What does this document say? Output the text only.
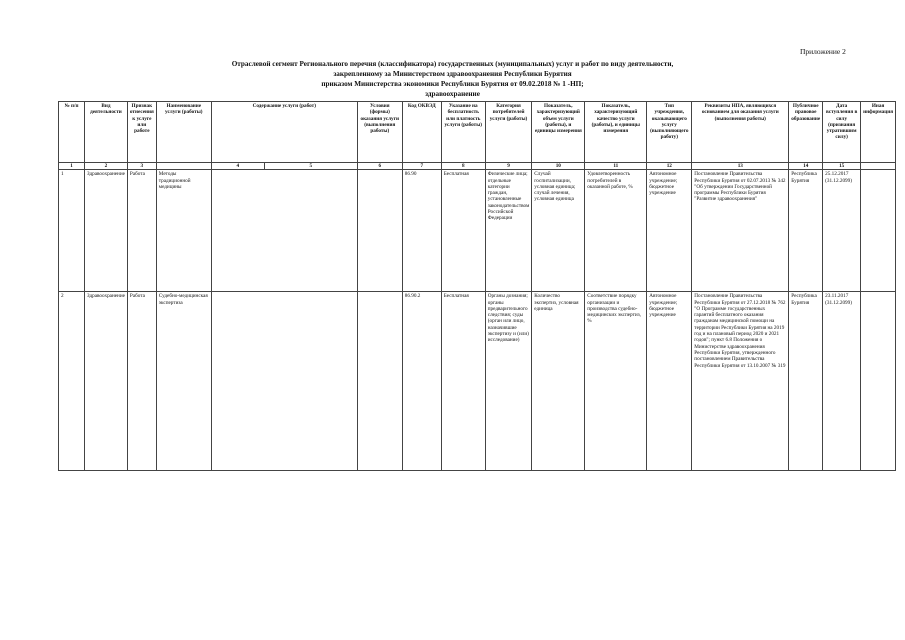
Приложение 2
Отраслевой сегмент Регионального перечня (классификатора) государственных (муниципальных) услуг и работ по виду деятельности,
закрепленному за Министерством здравоохранения Республики Бурятия
приказом Министерства экономики Республики Бурятия от 09.02.2018 № 1 -НП;
здравоохранение
№ п/п	Вид деятельности	Признак отнесения к услуге или работе	Наименование услуги (работы)	Содержание услуги (работ)		Условия (формы) оказания услуги (выполнения работы)	Код ОКВЭД	Указание на бесплатность или платность услуги (работы)	Категория потребителей услуги (работы)	Показатель, характеризующий объем услуги (работы), и единицы измерения	Показатель, характеризующий качество услуги (работы), и единицы измерения	Тип учреждения, оказывающего услугу (выполняющего работу)	Реквизиты НПА, являющихся основанием для оказания услуги (выполнения работы)	Публичное правовое образование	Дата вступления в силу (признания утратившим силу)	Иная информация
1	2	3		4	5	6	7	8	9	10	11	12	13	14	15	
1	Здравоохранение	Работа	Методы традиционной медицины				86.90	Бесплатная	Физические лица; отдельные категории граждан, установленные законодательством Российской Федерации	Случай госпитализации, условная единица; случай лечения, условная единица	Удовлетворенность потребителей в оказанной работе, %	Автономное учреждение; бюджетное учреждение	Постановление Правительства Республики Бурятия от 02.07.2013 № 342 "Об утверждении Государственной программы Республики Бурятия "Развитие здравоохранения"	Республика Бурятия	25.12.2017 (31.12.2099)	
2	Здравоохранение	Работа	Судебно-медицинская экспертиза				86.90.2	Бесплатная	Органы дознания; органы предварительного следствия; суды (орган или лицо, назначившие экспертизу и (или) исследование)	Количество экспертиз, условная единица	Соответствие порядку организации и производства судебно-медицинских экспертиз, %	Автономное учреждение; бюджетное учреждение	Постановление Правительства Республики Бурятия от 27.12.2018 № 762 "О Программе государственных гарантий бесплатного оказания гражданам медицинской помощи на территории Республики Бурятия на 2019 год и на плановый период 2020 и 2021 годов"; пункт 6.8 Положения о Министерстве здравоохранения Республики Бурятия, утвержденного постановлением Правительства Республики Бурятия от 13.10.2007 № 319	Республика Бурятия	23.11.2017 (31.12.2099)	
